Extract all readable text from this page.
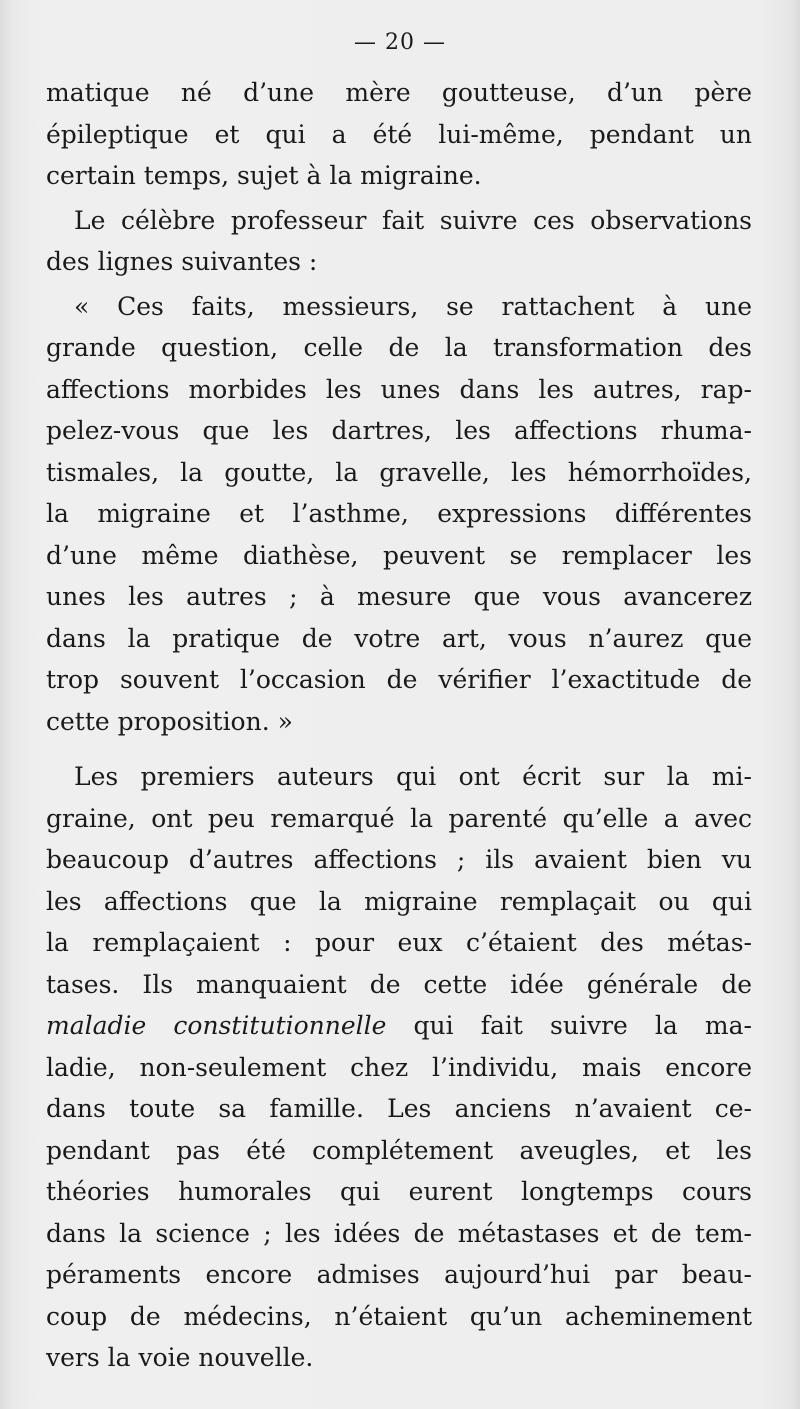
— 20 —
matique né d’une mère goutteuse, d’un père
épileptique et qui a été lui-même, pendant un
certain temps, sujet à la migraine.
Le célèbre professeur fait suivre ces observations
des lignes suivantes :
« Ces faits, messieurs, se rattachent à une
grande question, celle de la transformation des
affections morbides les unes dans les autres, rap-
pelez-vous que les dartres, les affections rhuma-
tismales, la goutte, la gravelle, les hémorrhoïdes,
la migraine et l’asthme, expressions différentes
d’une même diathèse, peuvent se remplacer les
unes les autres ; à mesure que vous avancerez
dans la pratique de votre art, vous n’aurez que
trop souvent l’occasion de vérifier l’exactitude de
cette proposition. »
Les premiers auteurs qui ont écrit sur la mi-
graine, ont peu remarqué la parenté qu’elle a avec
beaucoup d’autres affections ; ils avaient bien vu
les affections que la migraine remplaçait ou qui
la remplaçaient : pour eux c’étaient des métas-
tases. Ils manquaient de cette idée générale de
maladie constitutionnelle qui fait suivre la ma-
ladie, non-seulement chez l’individu, mais encore
dans toute sa famille. Les anciens n’avaient ce-
pendant pas été complétement aveugles, et les
théories humorales qui eurent longtemps cours
dans la science ; les idées de métastases et de tem-
péraments encore admises aujourd’hui par beau-
coup de médecins, n’étaient qu’un acheminement
vers la voie nouvelle.
